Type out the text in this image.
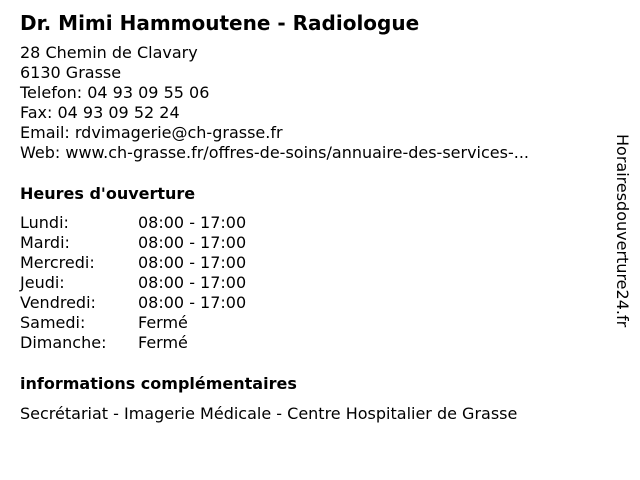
Dr. Mimi Hammoutene - Radiologue
28 Chemin de Clavary
6130 Grasse
Telefon: 04 93 09 55 06
Fax: 04 93 09 52 24
Email: rdvimagerie@ch-grasse.fr
Web: www.ch-grasse.fr/offres-de-soins/annuaire-des-services-...
Heures d'ouverture
Lundi:	08:00 - 17:00
Mardi:	08:00 - 17:00
Mercredi:	08:00 - 17:00
Jeudi:	08:00 - 17:00
Vendredi:	08:00 - 17:00
Samedi:	Fermé
Dimanche: Fermé
informations complémentaires
Secrétariat - Imagerie Médicale - Centre Hospitalier de Grasse
Horairesdouverture24.fr
